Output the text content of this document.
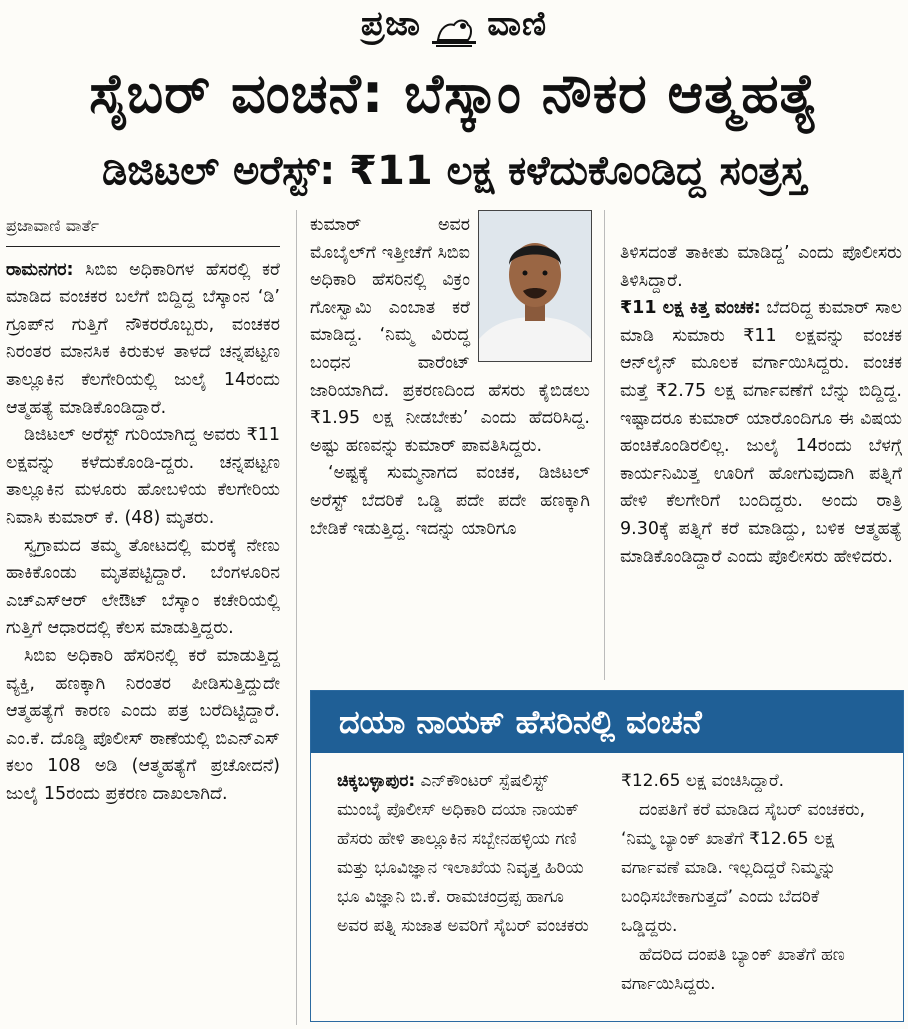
ಪ್ರಜಾ ವಾಣಿ
ಸೈಬರ್ ವಂಚನೆ: ಬೆಸ್ಕಾಂ ನೌಕರ ಆತ್ಮಹತ್ಯೆ
ಡಿಜಿಟಲ್ ಅರೆಸ್ಟ್: ₹11 ಲಕ್ಷ ಕಳೆದುಕೊಂಡಿದ್ದ ಸಂತ್ರಸ್ತ
ಪ್ರಜಾವಾಣಿ ವಾರ್ತೆ

ರಾಮನಗರ: ಸಿಬಿಐ ಅಧಿಕಾರಿಗಳ ಹೆಸರಲ್ಲಿ ಕರೆ ಮಾಡಿದ ವಂಚಕರ ಬಲೆಗೆ ಬಿದ್ದಿದ್ದ ಬೆಸ್ಕಾಂನ ‘ಡಿ’ ಗ್ರೂಪ್‌ನ ಗುತ್ತಿಗೆ ನೌಕರರೊಬ್ಬರು, ವಂಚಕರ ನಿರಂತರ ಮಾನಸಿಕ ಕಿರುಕುಳ ತಾಳದೆ ಚನ್ನಪಟ್ಟಣ ತಾಲ್ಲೂಕಿನ ಕೆಲಗೇರಿಯಲ್ಲಿ ಜುಲೈ 14ರಂದು ಆತ್ಮಹತ್ಯೆ ಮಾಡಿಕೊಂಡಿದ್ದಾರೆ.

ಡಿಜಿಟಲ್ ಅರೆಸ್ಟ್ ಗುರಿಯಾಗಿದ್ದ ಅವರು ₹11 ಲಕ್ಷವನ್ನು ಕಳೆದುಕೊಂಡಿ-ದ್ದರು. ಚನ್ನಪಟ್ಟಣ ತಾಲ್ಲೂಕಿನ ಮಳೂರು ಹೋಬಳಿಯ ಕೆಲಗೇರಿಯ ನಿವಾಸಿ ಕುಮಾರ್ ಕೆ. (48) ಮೃತರು.

ಸ್ವಗ್ರಾಮದ ತಮ್ಮ ತೋಟದಲ್ಲಿ ಮರಕ್ಕೆ ನೇಣು ಹಾಕಿಕೊಂಡು ಮೃತಪಟ್ಟಿದ್ದಾರೆ. ಬೆಂಗಳೂರಿನ ಎಚ್‌ಎಸ್‌ಆರ್ ಲೇಔಟ್ ಬೆಸ್ಕಾಂ ಕಚೇರಿಯಲ್ಲಿ ಗುತ್ತಿಗೆ ಆಧಾರದಲ್ಲಿ ಕೆಲಸ ಮಾಡುತ್ತಿದ್ದರು.

ಸಿಬಿಐ ಅಧಿಕಾರಿ ಹೆಸರಿನಲ್ಲಿ ಕರೆ ಮಾಡುತ್ತಿದ್ದ ವ್ಯಕ್ತಿ, ಹಣಕ್ಕಾಗಿ ನಿರಂತರ ಪೀಡಿಸುತ್ತಿದ್ದುದೇ ಆತ್ಮಹತ್ಯೆಗೆ ಕಾರಣ ಎಂದು ಪತ್ರ ಬರೆದಿಟ್ಟಿದ್ದಾರೆ. ಎಂ.ಕೆ. ದೊಡ್ಡಿ ಪೊಲೀಸ್ ಠಾಣೆಯಲ್ಲಿ ಬಿಎನ್‌ಎಸ್ ಕಲಂ 108 ಅಡಿ (ಆತ್ಮಹತ್ಯೆಗೆ ಪ್ರಚೋದನೆ) ಜುಲೈ 15ರಂದು ಪ್ರಕರಣ ದಾಖಲಾಗಿದೆ.

ಕುಮಾರ್ ಅವರ ಮೊಬೈಲ್‌ಗೆ ಇತ್ತೀಚೆಗೆ ಸಿಬಿಐ ಅಧಿಕಾರಿ ಹೆಸರಿನಲ್ಲಿ ವಿಕ್ರಂ ಗೋಸ್ವಾಮಿ ಎಂಬಾತ ಕರೆ ಮಾಡಿದ್ದ. ‘ನಿಮ್ಮ ವಿರುದ್ಧ ಬಂಧನ ವಾರೆಂಟ್ ಜಾರಿಯಾಗಿದೆ. ಪ್ರಕರಣದಿಂದ ಹೆಸರು ಕೈಬಿಡಲು ₹1.95 ಲಕ್ಷ ನೀಡಬೇಕು’ ಎಂದು ಹೆದರಿಸಿದ್ದ. ಅಷ್ಟು ಹಣವನ್ನು ಕುಮಾರ್ ಪಾವತಿಸಿದ್ದರು.

‘ಅಷ್ಟಕ್ಕೆ ಸುಮ್ಮನಾಗದ ವಂಚಕ, ಡಿಜಿಟಲ್ ಅರೆಸ್ಟ್ ಬೆದರಿಕೆ ಒಡ್ಡಿ ಪದೇ ಪದೇ ಹಣಕ್ಕಾಗಿ ಬೇಡಿಕೆ ಇಡುತ್ತಿದ್ದ. ಇದನ್ನು ಯಾರಿಗೂ

ತಿಳಿಸದಂತೆ ತಾಕೀತು ಮಾಡಿದ್ದ’ ಎಂದು ಪೊಲೀಸರು ತಿಳಿಸಿದ್ದಾರೆ.

₹11 ಲಕ್ಷ ಕಿತ್ತ ವಂಚಕ: ಬೆದರಿದ್ದ ಕುಮಾರ್ ಸಾಲ ಮಾಡಿ ಸುಮಾರು ₹11 ಲಕ್ಷವನ್ನು ವಂಚಕ ಆನ್‌ಲೈನ್ ಮೂಲಕ ವರ್ಗಾಯಿಸಿದ್ದರು. ವಂಚಕ ಮತ್ತೆ ₹2.75 ಲಕ್ಷ ವರ್ಗಾವಣೆಗೆ ಬೆನ್ನು ಬಿದ್ದಿದ್ದ. ಇಷ್ಟಾದರೂ ಕುಮಾರ್ ಯಾರೊಂದಿಗೂ ಈ ವಿಷಯ ಹಂಚಿಕೊಂಡಿರಲಿಲ್ಲ. ಜುಲೈ 14ರಂದು ಬೆಳಗ್ಗೆ ಕಾರ್ಯನಿಮಿತ್ತ ಊರಿಗೆ ಹೋಗುವುದಾಗಿ ಪತ್ನಿಗೆ ಹೇಳಿ ಕೆಲಗೇರಿಗೆ ಬಂದಿದ್ದರು. ಅಂದು ರಾತ್ರಿ 9.30ಕ್ಕೆ ಪತ್ನಿಗೆ ಕರೆ ಮಾಡಿದ್ದು, ಬಳಿಕ ಆತ್ಮಹತ್ಯೆ ಮಾಡಿಕೊಂಡಿದ್ದಾರೆ ಎಂದು ಪೊಲೀಸರು ಹೇಳಿದರು.

ದಯಾ ನಾಯಕ್ ಹೆಸರಿನಲ್ಲಿ ವಂಚನೆ

ಚಿಕ್ಕಬಳ್ಳಾಪುರ: ಎನ್‌ಕೌಂಟರ್ ಸ್ಪೆಷಲಿಸ್ಟ್ ಮುಂಬೈ ಪೊಲೀಸ್ ಅಧಿಕಾರಿ ದಯಾ ನಾಯಕ್ ಹೆಸರು ಹೇಳಿ ತಾಲ್ಲೂಕಿನ ಸಬ್ಬೇನಹಳ್ಳಿಯ ಗಣಿ ಮತ್ತು ಭೂವಿಜ್ಞಾನ ಇಲಾಖೆಯ ನಿವೃತ್ತ ಹಿರಿಯ ಭೂ ವಿಜ್ಞಾನಿ ಬಿ.ಕೆ. ರಾಮಚಂದ್ರಪ್ಪ ಹಾಗೂ ಅವರ ಪತ್ನಿ ಸುಜಾತ ಅವರಿಗೆ ಸೈಬರ್ ವಂಚಕರು

₹12.65 ಲಕ್ಷ ವಂಚಿಸಿದ್ದಾರೆ.

ದಂಪತಿಗೆ ಕರೆ ಮಾಡಿದ ಸೈಬರ್ ವಂಚಕರು, ‘ನಿಮ್ಮ ಬ್ಯಾಂಕ್ ಖಾತೆಗೆ ₹12.65 ಲಕ್ಷ ವರ್ಗಾವಣೆ ಮಾಡಿ. ಇಲ್ಲದಿದ್ದರೆ ನಿಮ್ಮನ್ನು ಬಂಧಿಸಬೇಕಾಗುತ್ತದೆ’ ಎಂದು ಬೆದರಿಕೆ ಒಡ್ಡಿದ್ದರು.

ಹೆದರಿದ ದಂಪತಿ ಬ್ಯಾಂಕ್ ಖಾತೆಗೆ ಹಣ ವರ್ಗಾಯಿಸಿದ್ದರು.
